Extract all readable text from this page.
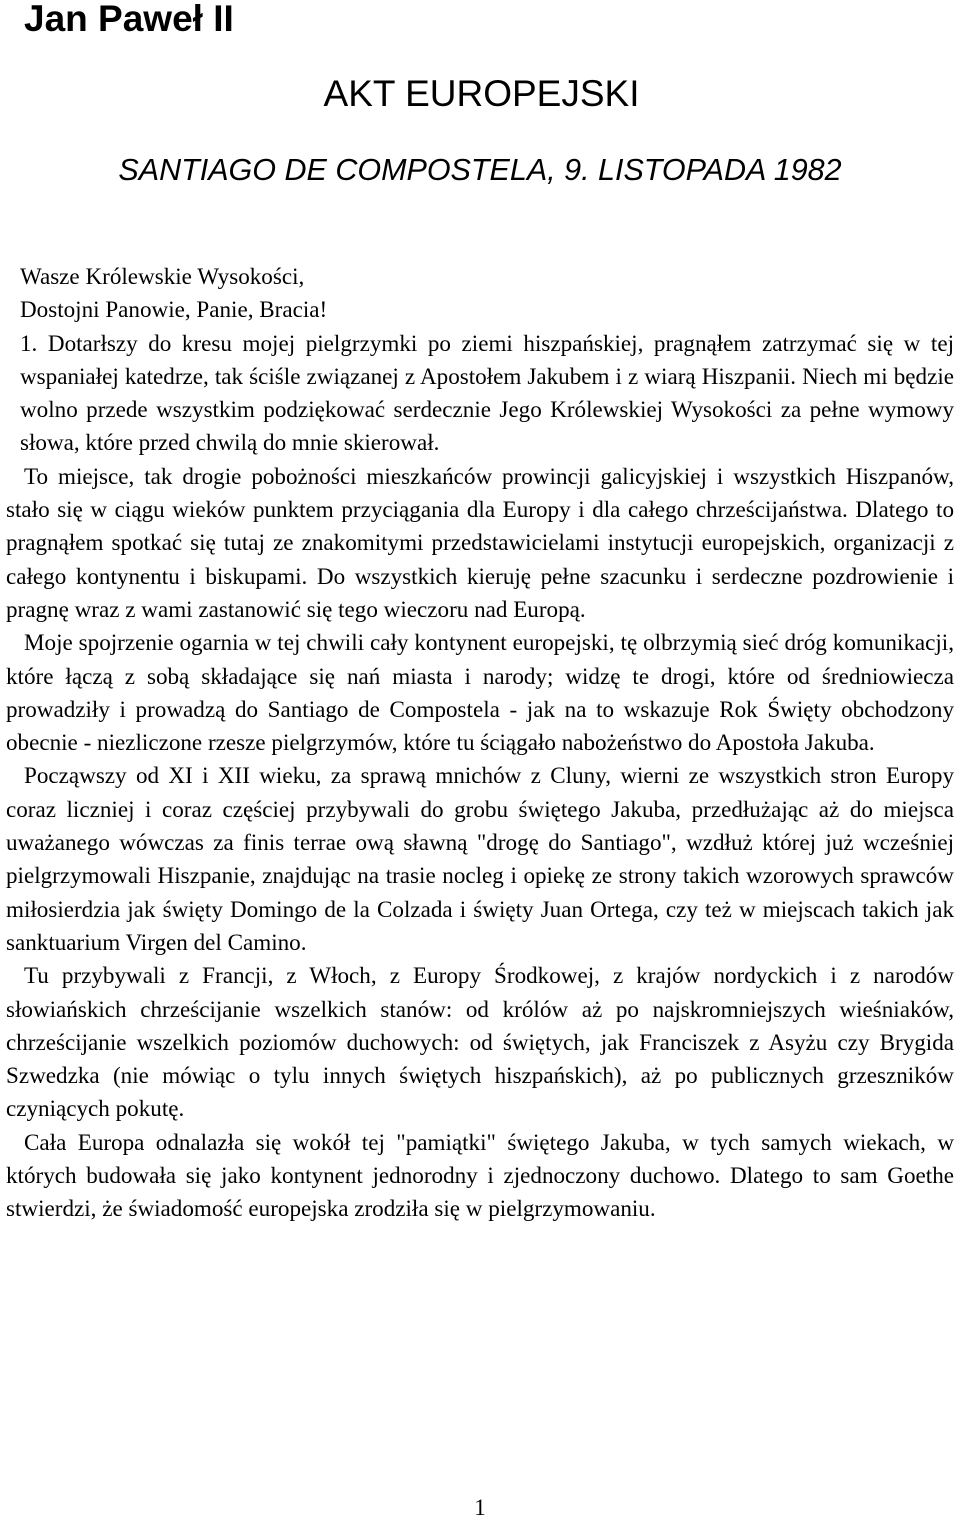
Jan Paweł II
AKT EUROPEJSKI
SANTIAGO DE COMPOSTELA, 9. LISTOPADA 1982

Wasze Królewskie Wysokości,

Dostojni Panowie, Panie, Bracia!

1. Dotarłszy do kresu mojej pielgrzymki po ziemi hiszpańskiej, pragnąłem zatrzymać się w tej wspaniałej katedrze, tak ściśle związanej z Apostołem Jakubem i z wiarą Hiszpanii. Niech mi będzie wolno przede wszystkim podziękować serdecznie Jego Królewskiej Wysokości za pełne wymowy słowa, które przed chwilą do mnie skierował.

To miejsce, tak drogie pobożności mieszkańców prowincji galicyjskiej i wszystkich Hiszpanów, stało się w ciągu wieków punktem przyciągania dla Europy i dla całego chrześcijaństwa. Dlatego to pragnąłem spotkać się tutaj ze znakomitymi przedstawicielami instytucji europejskich, organizacji z całego kontynentu i biskupami. Do wszystkich kieruję pełne szacunku i serdeczne pozdrowienie i pragnę wraz z wami zastanowić się tego wieczoru nad Europą.

Moje spojrzenie ogarnia w tej chwili cały kontynent europejski, tę olbrzymią sieć dróg komunikacji, które łączą z sobą składające się nań miasta i narody; widzę te drogi, które od średniowiecza prowadziły i prowadzą do Santiago de Compostela - jak na to wskazuje Rok Święty obchodzony obecnie - niezliczone rzesze pielgrzymów, które tu ściągało nabożeństwo do Apostoła Jakuba.

Począwszy od XI i XII wieku, za sprawą mnichów z Cluny, wierni ze wszystkich stron Europy coraz liczniej i coraz częściej przybywali do grobu świętego Jakuba, przedłużając aż do miejsca uważanego wówczas za finis terrae ową sławną "drogę do Santiago", wzdłuż której już wcześniej pielgrzymowali Hiszpanie, znajdując na trasie nocleg i opiekę ze strony takich wzorowych sprawców miłosierdzia jak święty Domingo de la Colzada i święty Juan Ortega, czy też w miejscach takich jak sanktuarium Virgen del Camino.

Tu przybywali z Francji, z Włoch, z Europy Środkowej, z krajów nordyckich i z narodów słowiańskich chrześcijanie wszelkich stanów: od królów aż po najskromniejszych wieśniaków, chrześcijanie wszelkich poziomów duchowych: od świętych, jak Franciszek z Asyżu czy Brygida Szwedzka (nie mówiąc o tylu innych świętych hiszpańskich), aż po publicznych grzeszników czyniących pokutę.

Cała Europa odnalazła się wokół tej "pamiątki" świętego Jakuba, w tych samych wiekach, w których budowała się jako kontynent jednorodny i zjednoczony duchowo. Dlatego to sam Goethe stwierdzi, że świadomość europejska zrodziła się w pielgrzymowaniu.

1
